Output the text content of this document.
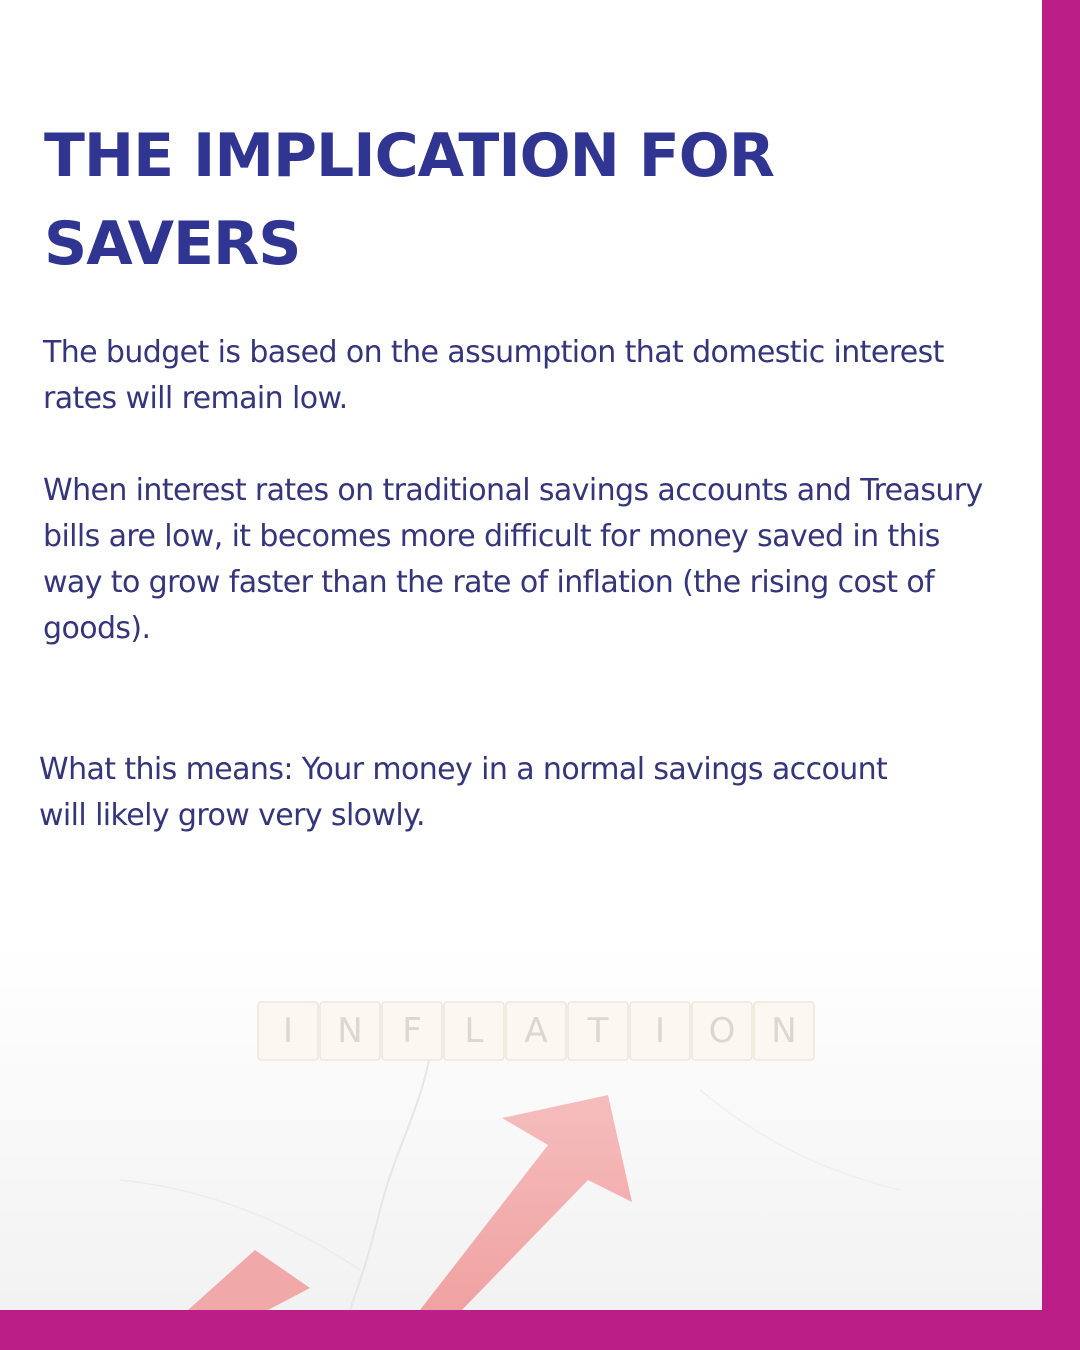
THE IMPLICATION FOR SAVERS

The budget is based on the assumption that domestic interest rates will remain low.

When interest rates on traditional savings accounts and Treasury bills are low, it becomes more difficult for money saved in this way to grow faster than the rate of inflation (the rising cost of goods).

What this means: Your money in a normal savings account will likely grow very slowly.

I N F L A T I O N
